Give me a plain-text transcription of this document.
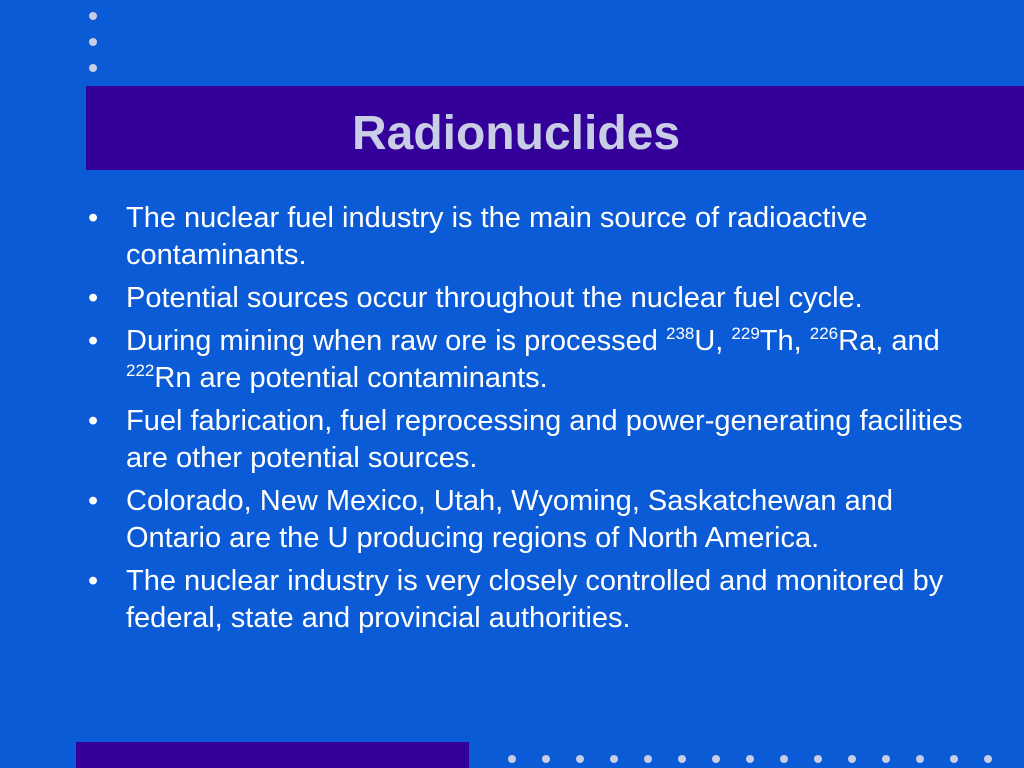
Radionuclides
• The nuclear fuel industry is the main source of radioactive contaminants.
• Potential sources occur throughout the nuclear fuel cycle.
• During mining when raw ore is processed $^{238}$U, $^{229}$Th, $^{226}$Ra, and $^{222}$Rn are potential contaminants.
• Fuel fabrication, fuel reprocessing and power-generating facilities are other potential sources.
• Colorado, New Mexico, Utah, Wyoming, Saskatchewan and Ontario are the U producing regions of North America.
• The nuclear industry is very closely controlled and monitored by federal, state and provincial authorities.
